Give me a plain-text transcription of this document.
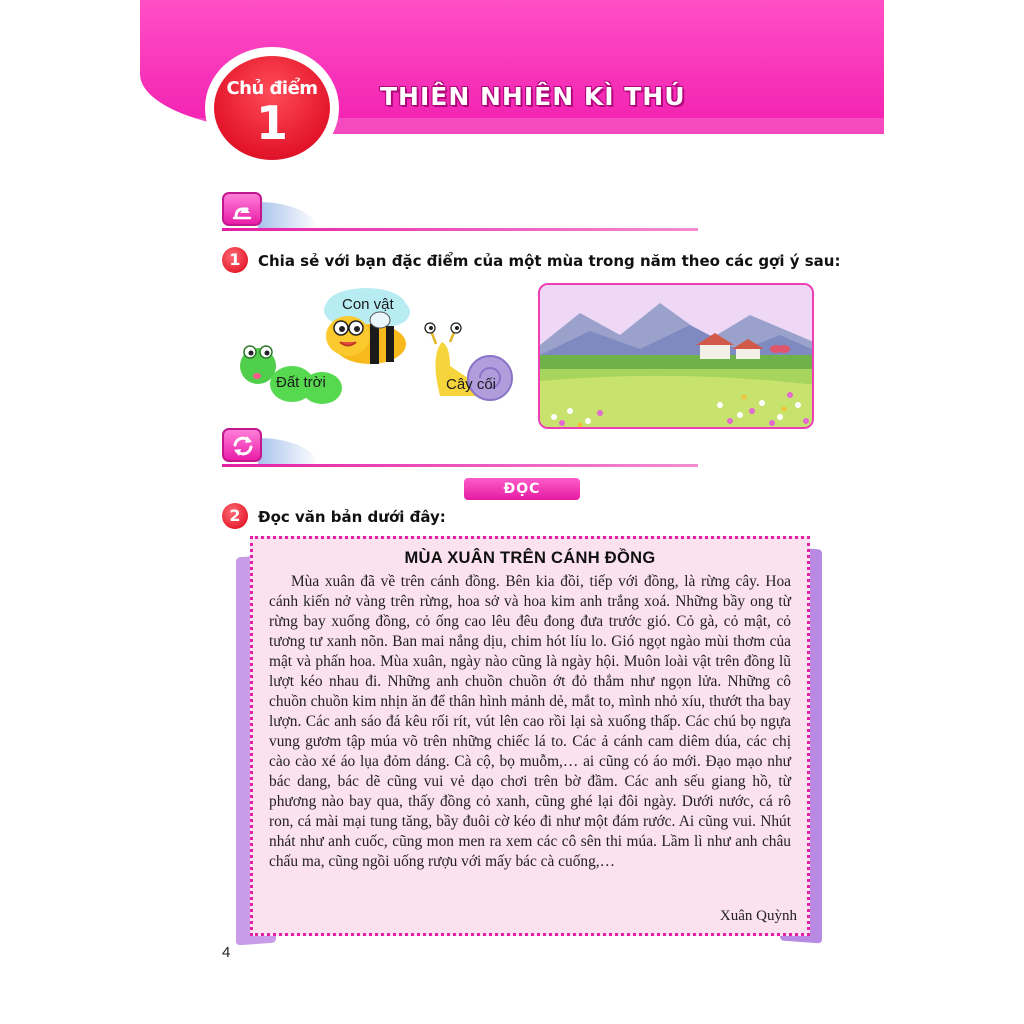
Chủ điểm
1	THIÊN NHIÊN KÌ THÚ
1	Chia sẻ với bạn đặc điểm của một mùa trong năm theo các gợi ý sau:
Con vật
Đất trời	Cây cối
ĐỌC
2	Đọc văn bản dưới đây:
MÙA XUÂN TRÊN CÁNH ĐỒNG
Mùa xuân đã về trên cánh đồng. Bên kia đồi, tiếp với đồng, là rừng cây. Hoa cánh kiến nở vàng trên rừng, hoa sở và hoa kim anh trắng xoá. Những bầy ong từ rừng bay xuống đồng, cỏ ống cao lêu đêu đong đưa trước gió. Cỏ gà, cỏ mật, cỏ tương tư xanh nõn. Ban mai nắng dịu, chim hót líu lo. Gió ngọt ngào mùi thơm của mật và phấn hoa. Mùa xuân, ngày nào cũng là ngày hội. Muôn loài vật trên đồng lũ lượt kéo nhau đi. Những anh chuồn chuồn ớt đỏ thắm như ngọn lửa. Những cô chuồn chuồn kim nhịn ăn để thân hình mảnh dẻ, mắt to, mình nhỏ xíu, thướt tha bay lượn. Các anh sáo đá kêu rối rít, vút lên cao rồi lại sà xuống thấp. Các chú bọ ngựa vung gươm tập múa võ trên những chiếc lá to. Các ả cánh cam diêm dúa, các chị cào cào xé áo lụa đỏm dáng. Cà cộ, bọ muỗm,… ai cũng có áo mới. Đạo mạo như bác dang, bác dẽ cũng vui vẻ dạo chơi trên bờ đầm. Các anh sếu giang hồ, từ phương nào bay qua, thấy đồng cỏ xanh, cũng ghé lại đôi ngày. Dưới nước, cá rô ron, cá mài mại tung tăng, bầy đuôi cờ kéo đi như một đám rước. Ai cũng vui. Nhút nhát như anh cuốc, cũng mon men ra xem các cô sên thi múa. Lầm lì như anh châu chấu ma, cũng ngồi uống rượu với mấy bác cà cuống,…
Xuân Quỳnh
4
